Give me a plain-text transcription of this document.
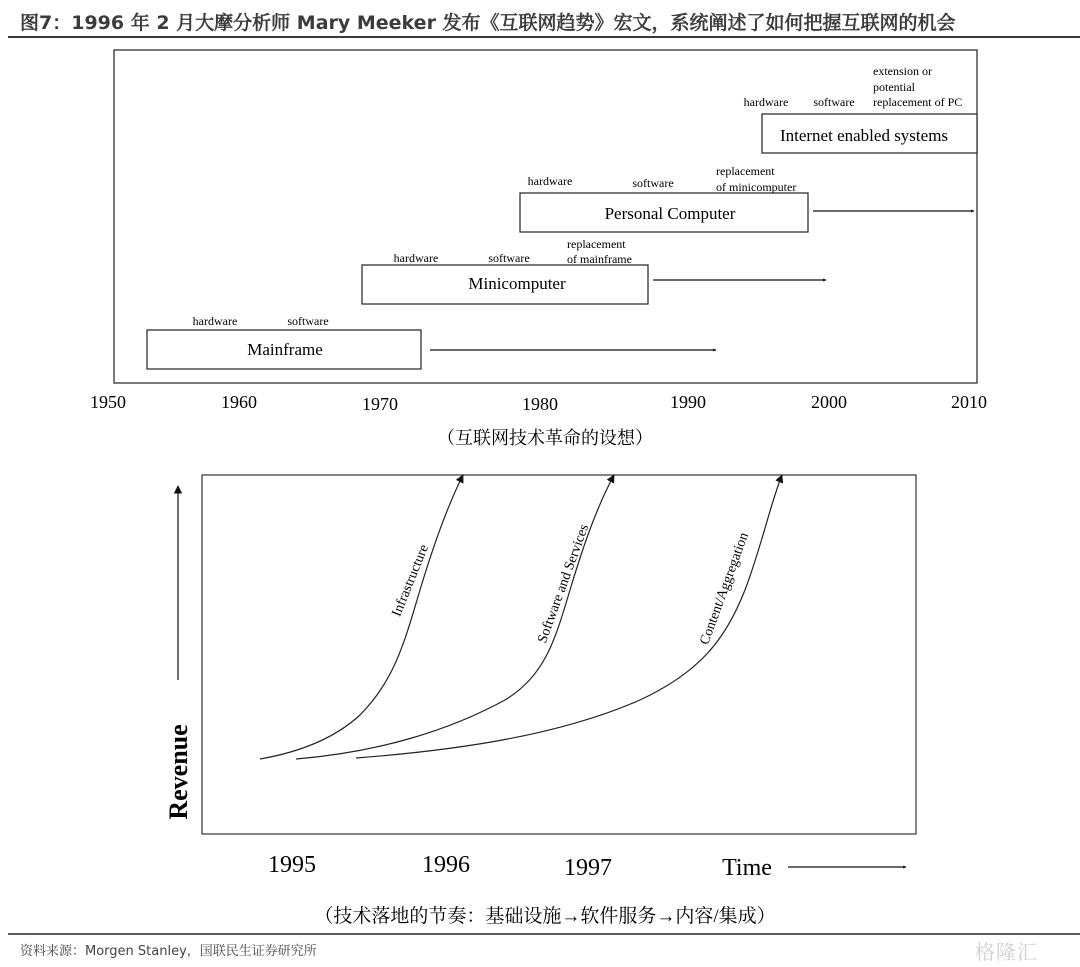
图7：1996 年 2 月大摩分析师 Mary Meeker 发布《互联网趋势》宏文，系统阐述了如何把握互联网的机会
Mainframe
hardware	software
Minicomputer
hardware	software
replacement
of mainframe
Personal Computer
hardware	software
replacement
of minicomputer
Internet enabled systems
hardware software
extension or
potential
replacement of PC
1950	1960	1970	1980	1990	2000	2010
（互联网技术革命的设想）
Revenue
Infrastructure	Software and Services	Content/Aggregation
1995	1996	1997	Time
（技术落地的节奏：基础设施→软件服务→内容/集成）
资料来源：Morgen Stanley，国联民生证券研究所	格隆汇
